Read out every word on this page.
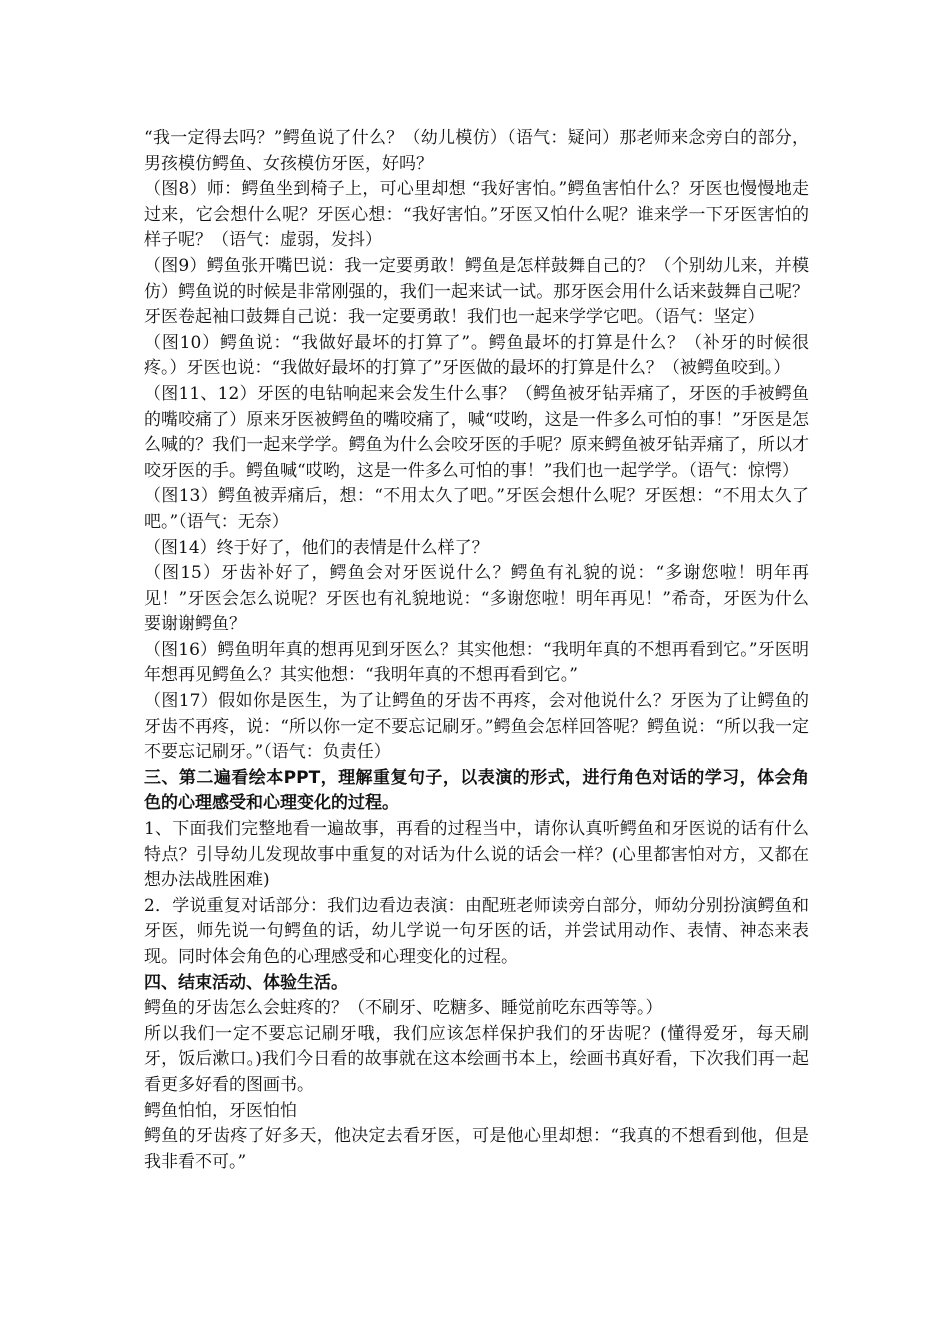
“我一定得去吗？”鳄鱼说了什么？（幼儿模仿）（语气：疑问）那老师来念旁白的部分，男孩模仿鳄鱼、女孩模仿牙医，好吗？

（图8）师：鳄鱼坐到椅子上，可心里却想 “我好害怕。”鳄鱼害怕什么？牙医也慢慢地走过来，它会想什么呢？牙医心想：“我好害怕。”牙医又怕什么呢？谁来学一下牙医害怕的样子呢？（语气：虚弱，发抖）

（图9）鳄鱼张开嘴巴说：我一定要勇敢！鳄鱼是怎样鼓舞自己的？（个别幼儿来，并模仿）鳄鱼说的时候是非常刚强的，我们一起来试一试。那牙医会用什么话来鼓舞自己呢？牙医卷起袖口鼓舞自己说：我一定要勇敢！我们也一起来学学它吧。（语气：坚定）

（图10）鳄鱼说：“我做好最坏的打算了”。鳄鱼最坏的打算是什么？（补牙的时候很疼。）牙医也说：“我做好最坏的打算了”牙医做的最坏的打算是什么？（被鳄鱼咬到。）

（图11、12）牙医的电钻响起来会发生什么事？（鳄鱼被牙钻弄痛了，牙医的手被鳄鱼的嘴咬痛了）原来牙医被鳄鱼的嘴咬痛了，喊“哎哟，这是一件多么可怕的事！”牙医是怎么喊的？我们一起来学学。鳄鱼为什么会咬牙医的手呢？原来鳄鱼被牙钻弄痛了，所以才咬牙医的手。鳄鱼喊“哎哟，这是一件多么可怕的事！”我们也一起学学。（语气：惊愕）

（图13）鳄鱼被弄痛后，想：“不用太久了吧。”牙医会想什么呢？牙医想：“不用太久了吧。”（语气：无奈）

（图14）终于好了，他们的表情是什么样了？

（图15）牙齿补好了，鳄鱼会对牙医说什么？鳄鱼有礼貌的说：“多谢您啦！明年再见！”牙医会怎么说呢？牙医也有礼貌地说：“多谢您啦！明年再见！”希奇，牙医为什么要谢谢鳄鱼？

（图16）鳄鱼明年真的想再见到牙医么？其实他想：“我明年真的不想再看到它。”牙医明年想再见鳄鱼么？其实他想：“我明年真的不想再看到它。”

（图17）假如你是医生，为了让鳄鱼的牙齿不再疼，会对他说什么？牙医为了让鳄鱼的牙齿不再疼，说：“所以你一定不要忘记刷牙。”鳄鱼会怎样回答呢？鳄鱼说：“所以我一定不要忘记刷牙。”（语气：负责任）

三、第二遍看绘本PPT，理解重复句子，以表演的形式，进行角色对话的学习，体会角色的心理感受和心理变化的过程。

1、下面我们完整地看一遍故事，再看的过程当中，请你认真听鳄鱼和牙医说的话有什么特点？引导幼儿发现故事中重复的对话为什么说的话会一样？(心里都害怕对方，又都在想办法战胜困难)

2．学说重复对话部分：我们边看边表演：由配班老师读旁白部分，师幼分别扮演鳄鱼和牙医，师先说一句鳄鱼的话，幼儿学说一句牙医的话，并尝试用动作、表情、神态来表现。同时体会角色的心理感受和心理变化的过程。

四、结束活动、体验生活。

鳄鱼的牙齿怎么会蛀疼的？（不刷牙、吃糖多、睡觉前吃东西等等。）

所以我们一定不要忘记刷牙哦，我们应该怎样保护我们的牙齿呢？(懂得爱牙，每天刷牙，饭后漱口。)我们今日看的故事就在这本绘画书本上，绘画书真好看，下次我们再一起看更多好看的图画书。

鳄鱼怕怕，牙医怕怕

鳄鱼的牙齿疼了好多天，他决定去看牙医，可是他心里却想：“我真的不想看到他，但是我非看不可。”
